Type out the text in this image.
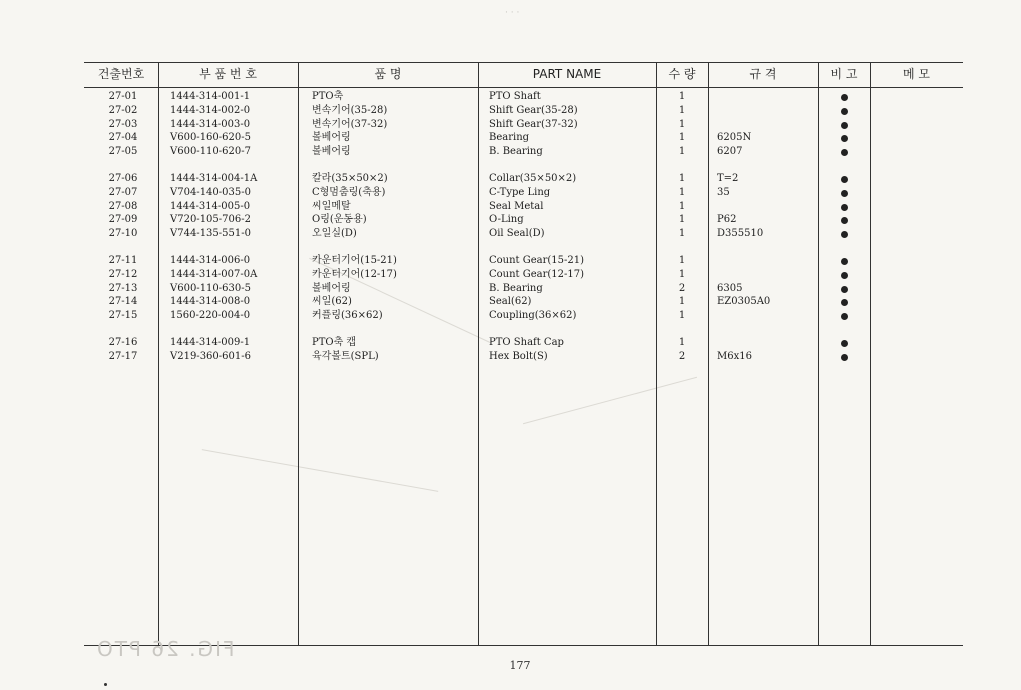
· · ·
건출번호	부 품 번 호	품 명	PART NAME	수 량	규 격	비 고	메 모
27-01	1444-314-001-1	PTO축	PTO Shaft	1
27-02	1444-314-002-0	변속기어(35-28)	Shift Gear(35-28)	1
27-03	1444-314-003-0	변속기어(37-32)	Shift Gear(37-32)	1
27-04	V600-160-620-5	볼베어링	Bearing	1	6205N
27-05	V600-110-620-7	볼베어링	B. Bearing	1	6207
27-06	1444-314-004-1A	칼라(35×50×2)	Collar(35×50×2)	1	T=2
27-07	V704-140-035-0	C형멈춤링(축용)	C-Type Ling	1	35
27-08	1444-314-005-0	씨일메탈	Seal Metal	1
27-09	V720-105-706-2	O링(운동용)	O-Ling	1	P62
27-10	V744-135-551-0	오일실(D)	Oil Seal(D)	1	D355510
27-11	1444-314-006-0	카운터기어(15-21)	Count Gear(15-21)	1
27-12	1444-314-007-0A	카운터기어(12-17)	Count Gear(12-17)	1
27-13	V600-110-630-5	볼베어링	B. Bearing	2	6305
27-14	1444-314-008-0	씨일(62)	Seal(62)	1	EZ0305A0
27-15	1560-220-004-0	커플링(36×62)	Coupling(36×62)	1
27-16	1444-314-009-1	PTO축 캡	PTO Shaft Cap	1
27-17	V219-360-601-6	육각볼트(SPL)	Hex Bolt(S)	2	M6x16
FIG. 26 PTO
177
